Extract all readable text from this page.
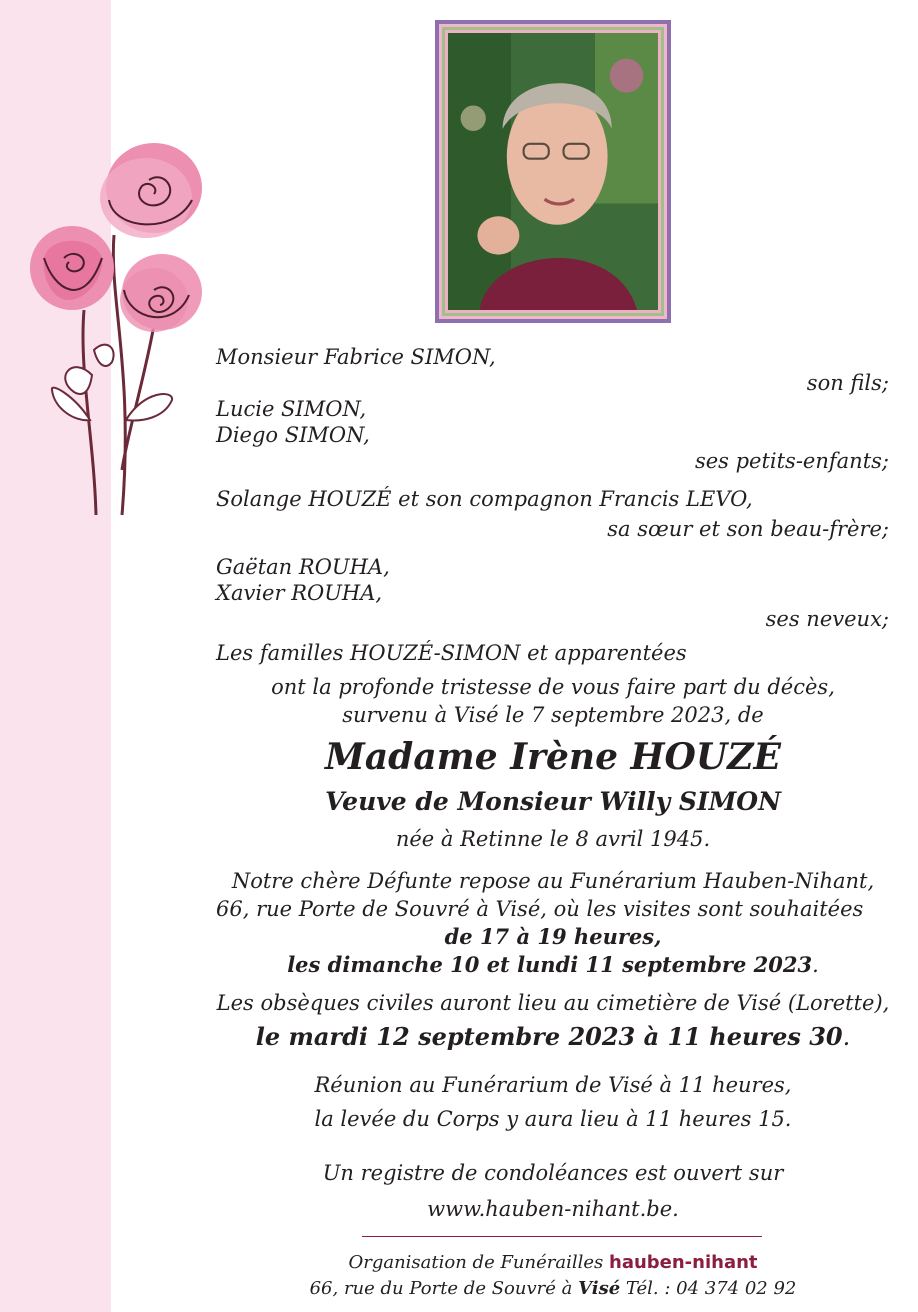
Monsieur Fabrice SIMON,
son fils;
Lucie SIMON,
Diego SIMON,
ses petits-enfants;
Solange HOUZÉ et son compagnon Francis LEVO,
sa sœur et son beau-frère;
Gaëtan ROUHA,
Xavier ROUHA,
ses neveux;
Les familles HOUZÉ-SIMON et apparentées
ont la profonde tristesse de vous faire part du décès,
survenu à Visé le 7 septembre 2023, de
Madame Irène HOUZÉ
Veuve de Monsieur Willy SIMON
née à Retinne le 8 avril 1945.
Notre chère Défunte repose au Funérarium Hauben-Nihant,
66, rue Porte de Souvré à Visé, où les visites sont souhaitées
de 17 à 19 heures,
les dimanche 10 et lundi 11 septembre 2023.
Les obsèques civiles auront lieu au cimetière de Visé (Lorette),
le mardi 12 septembre 2023 à 11 heures 30.
Réunion au Funérarium de Visé à 11 heures,
la levée du Corps y aura lieu à 11 heures 15.
Un registre de condoléances est ouvert sur
www.hauben-nihant.be.
Organisation de Funérailles hauben-nihant
66, rue du Porte de Souvré à Visé Tél. : 04 374 02 92
